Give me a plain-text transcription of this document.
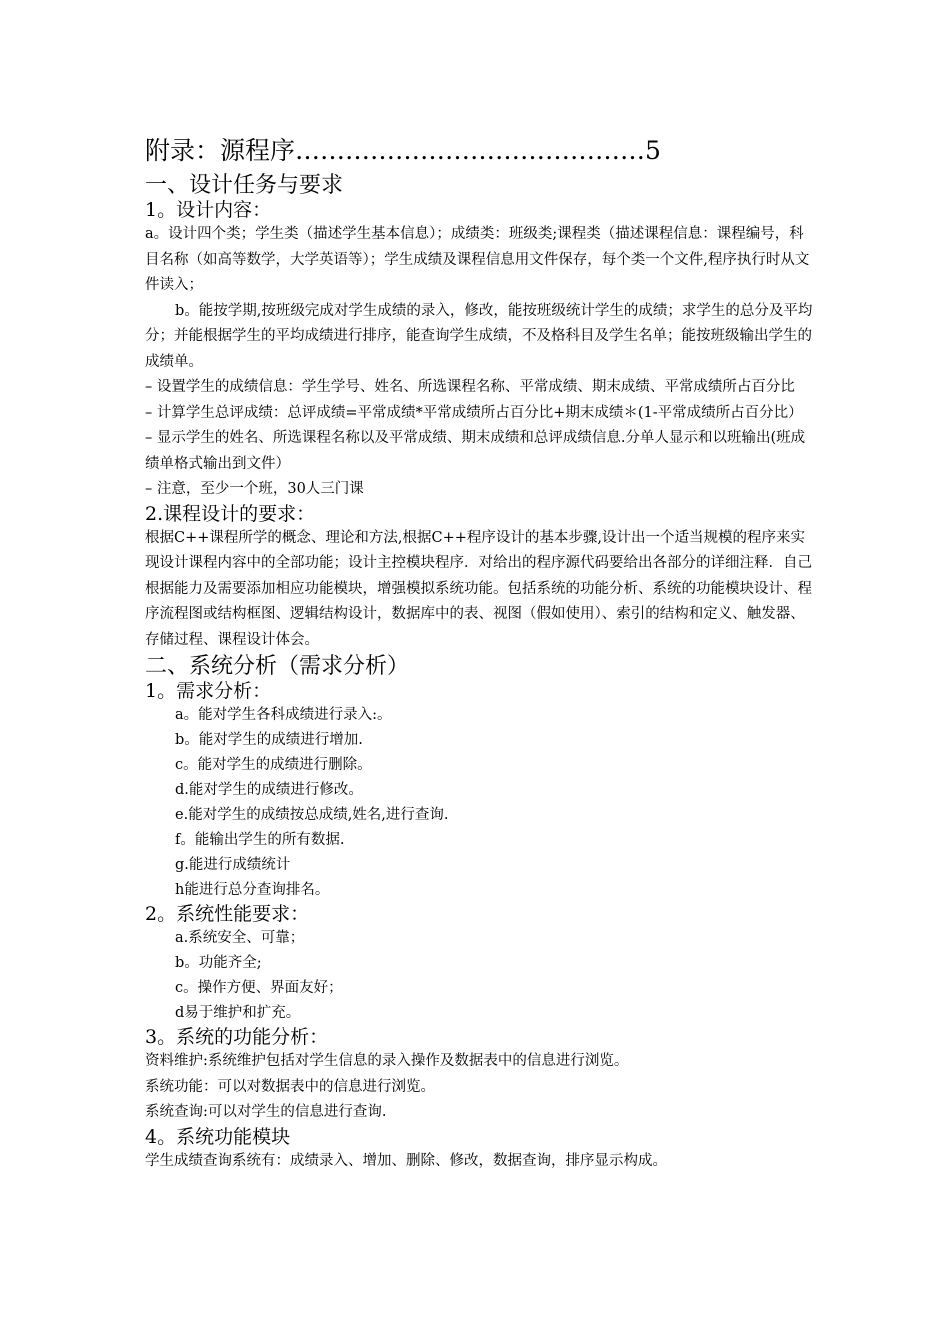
附录：源程序……………………………………5

一、设计任务与要求

1。设计内容：

a。设计四个类；学生类（描述学生基本信息）；成绩类：班级类;课程类（描述课程信息：课程编号，科目名称（如高等数学，大学英语等）；学生成绩及课程信息用文件保存，每个类一个文件,程序执行时从文件读入；

b。能按学期,按班级完成对学生成绩的录入，修改，能按班级统计学生的成绩；求学生的总分及平均分；并能根据学生的平均成绩进行排序，能查询学生成绩，不及格科目及学生名单；能按班级输出学生的成绩单。

– 设置学生的成绩信息：学生学号、姓名、所选课程名称、平常成绩、期末成绩、平常成绩所占百分比

– 计算学生总评成绩：总评成绩=平常成绩*平常成绩所占百分比+期末成绩＊(1-平常成绩所占百分比）

– 显示学生的姓名、所选课程名称以及平常成绩、期末成绩和总评成绩信息.分单人显示和以班输出(班成绩单格式输出到文件）

– 注意，至少一个班，30人三门课

2.课程设计的要求：

根据C++课程所学的概念、理论和方法,根据C++程序设计的基本步骤,设计出一个适当规模的程序来实现设计课程内容中的全部功能；设计主控模块程序．对给出的程序源代码要给出各部分的详细注释．自己根据能力及需要添加相应功能模块，增强模拟系统功能。包括系统的功能分析、系统的功能模块设计、程序流程图或结构框图、逻辑结构设计，数据库中的表、视图（假如使用）、索引的结构和定义、触发器、存储过程、课程设计体会。

二、系统分析（需求分析）

1。需求分析：

a。能对学生各科成绩进行录入:。

b。能对学生的成绩进行增加.

c。能对学生的成绩进行删除。

d.能对学生的成绩进行修改。

e.能对学生的成绩按总成绩,姓名,进行查询.

f。能输出学生的所有数据.

g.能进行成绩统计

h能进行总分查询排名。

2。系统性能要求：

a.系统安全、可靠；

b。功能齐全;

c。操作方便、界面友好；

d易于维护和扩充。

3。系统的功能分析：

资料维护:系统维护包括对学生信息的录入操作及数据表中的信息进行浏览。

系统功能：可以对数据表中的信息进行浏览。

系统查询:可以对学生的信息进行查询.

4。系统功能模块

学生成绩查询系统有：成绩录入、增加、删除、修改，数据查询，排序显示构成。
